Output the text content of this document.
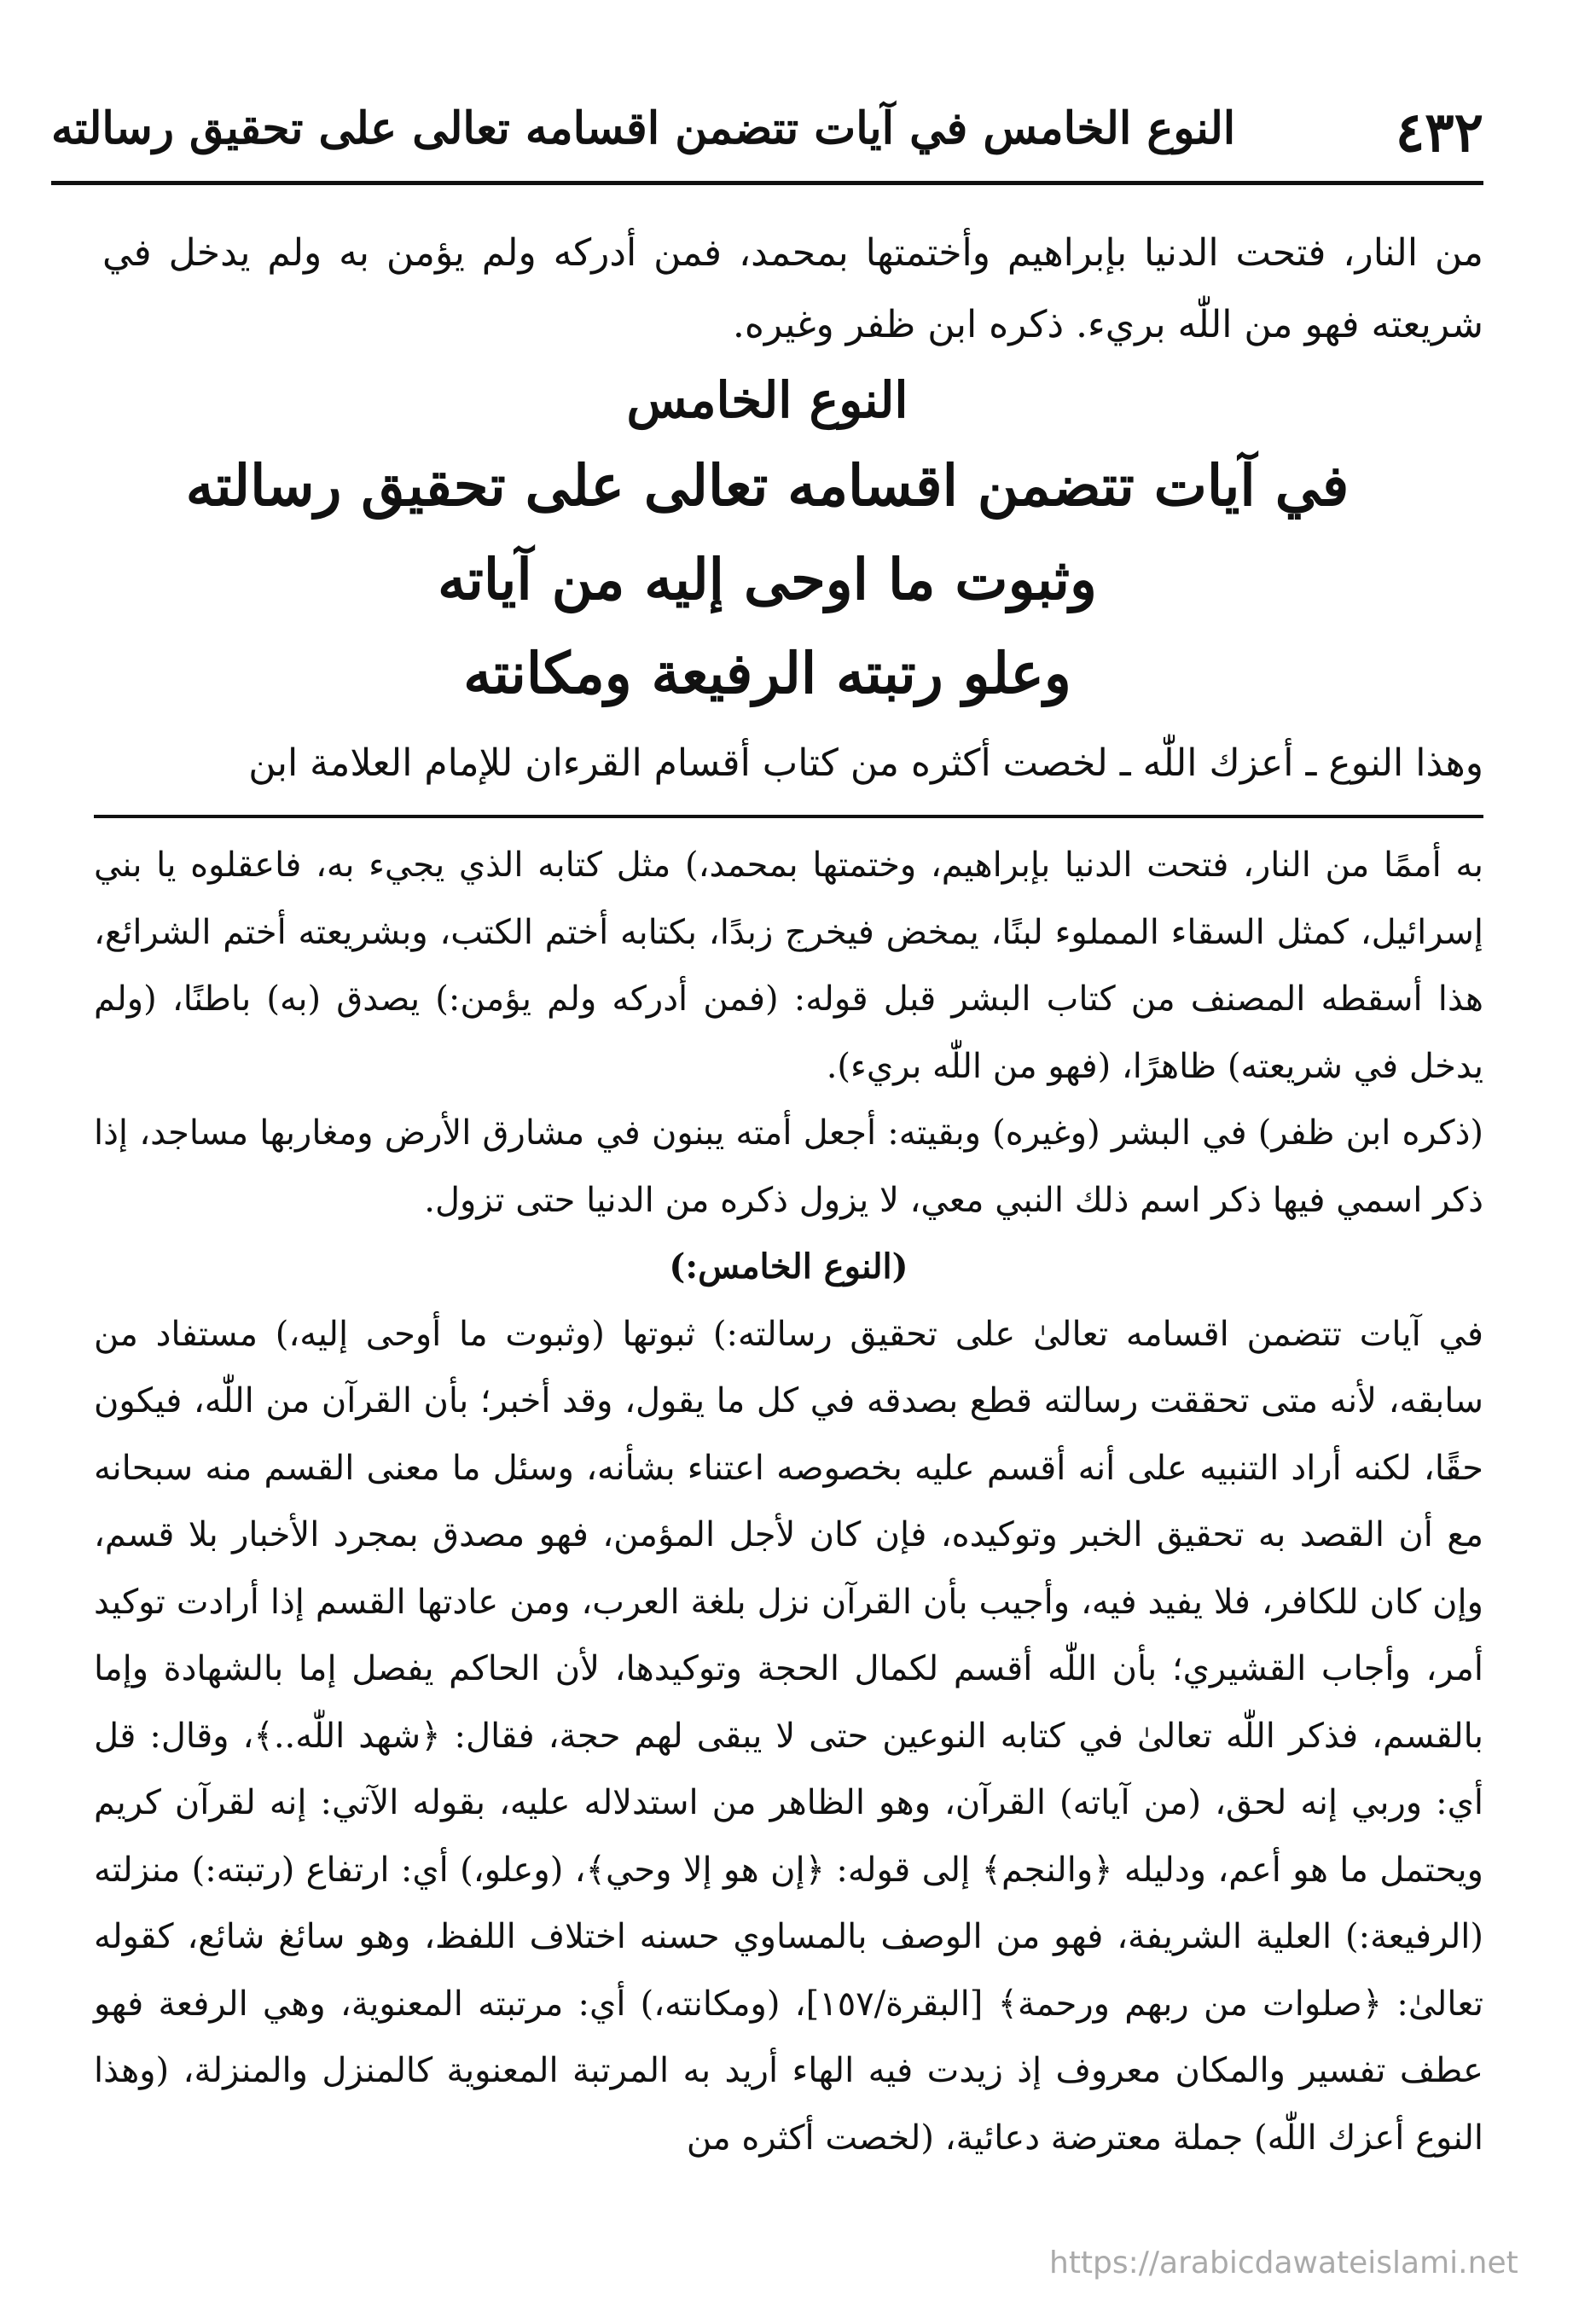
٤٣٢
النوع الخامس في آيات تتضمن اقسامه تعالى على تحقيق رسالته
من النار، فتحت الدنيا بإبراهيم وأختمتها بمحمد، فمن أدركه ولم يؤمن به ولم يدخل في شريعته فهو من اللّٰه بريء. ذكره ابن ظفر وغيره.
النوع الخامس
في آيات تتضمن اقسامه تعالى على تحقيق رسالته
وثبوت ما اوحى إليه من آياته
وعلو رتبته الرفيعة ومكانته
وهذا النوع ـ أعزك اللّٰه ـ لخصت أكثره من كتاب أقسام القرءان للإمام العلامة ابن

به أممًا من النار، فتحت الدنيا بإبراهيم، وختمتها بمحمد،) مثل كتابه الذي يجيء به، فاعقلوه يا بني إسرائيل، كمثل السقاء المملوء لبنًا، يمخض فيخرج زبدًا، بكتابه أختم الكتب، وبشريعته أختم الشرائع، هذا أسقطه المصنف من كتاب البشر قبل قوله: (فمن أدركه ولم يؤمن:) يصدق (به) باطنًا، (ولم يدخل في شريعته) ظاهرًا، (فهو من اللّٰه بريء).

(ذكره ابن ظفر) في البشر (وغيره) وبقيته: أجعل أمته يبنون في مشارق الأرض ومغاربها مساجد، إذا ذكر اسمي فيها ذكر اسم ذلك النبي معي، لا يزول ذكره من الدنيا حتى تزول.

(النوع الخامس:)

في آيات تتضمن اقسامه تعالىٰ على تحقيق رسالته:) ثبوتها (وثبوت ما أوحى إليه،) مستفاد من سابقه، لأنه متى تحققت رسالته قطع بصدقه في كل ما يقول، وقد أخبر؛ بأن القرآن من اللّٰه، فيكون حقًا، لكنه أراد التنبيه على أنه أقسم عليه بخصوصه اعتناء بشأنه، وسئل ما معنى القسم منه سبحانه مع أن القصد به تحقيق الخبر وتوكيده، فإن كان لأجل المؤمن، فهو مصدق بمجرد الأخبار بلا قسم، وإن كان للكافر، فلا يفيد فيه، وأجيب بأن القرآن نزل بلغة العرب، ومن عادتها القسم إذا أرادت توكيد أمر، وأجاب القشيري؛ بأن اللّٰه أقسم لكمال الحجة وتوكيدها، لأن الحاكم يفصل إما بالشهادة وإما بالقسم، فذكر اللّٰه تعالىٰ في كتابه النوعين حتى لا يبقى لهم حجة، فقال: ﴿شهد اللّٰه..﴾، وقال: قل أي: وربي إنه لحق، (من آياته) القرآن، وهو الظاهر من استدلاله عليه، بقوله الآتي: إنه لقرآن كريم ويحتمل ما هو أعم، ودليله ﴿والنجم﴾ إلى قوله: ﴿إن هو إلا وحي﴾، (وعلو،) أي: ارتفاع (رتبته:) منزلته (الرفيعة:) العلية الشريفة، فهو من الوصف بالمساوي حسنه اختلاف اللفظ، وهو سائغ شائع، كقوله تعالىٰ: ﴿صلوات من ربهم ورحمة﴾ [البقرة/١٥٧]، (ومكانته،) أي: مرتبته المعنوية، وهي الرفعة فهو عطف تفسير والمكان معروف إذ زيدت فيه الهاء أريد به المرتبة المعنوية كالمنزل والمنزلة، (وهذا النوع أعزك اللّٰه) جملة معترضة دعائية، (لخصت أكثره من

https://arabicdawateislami.net
